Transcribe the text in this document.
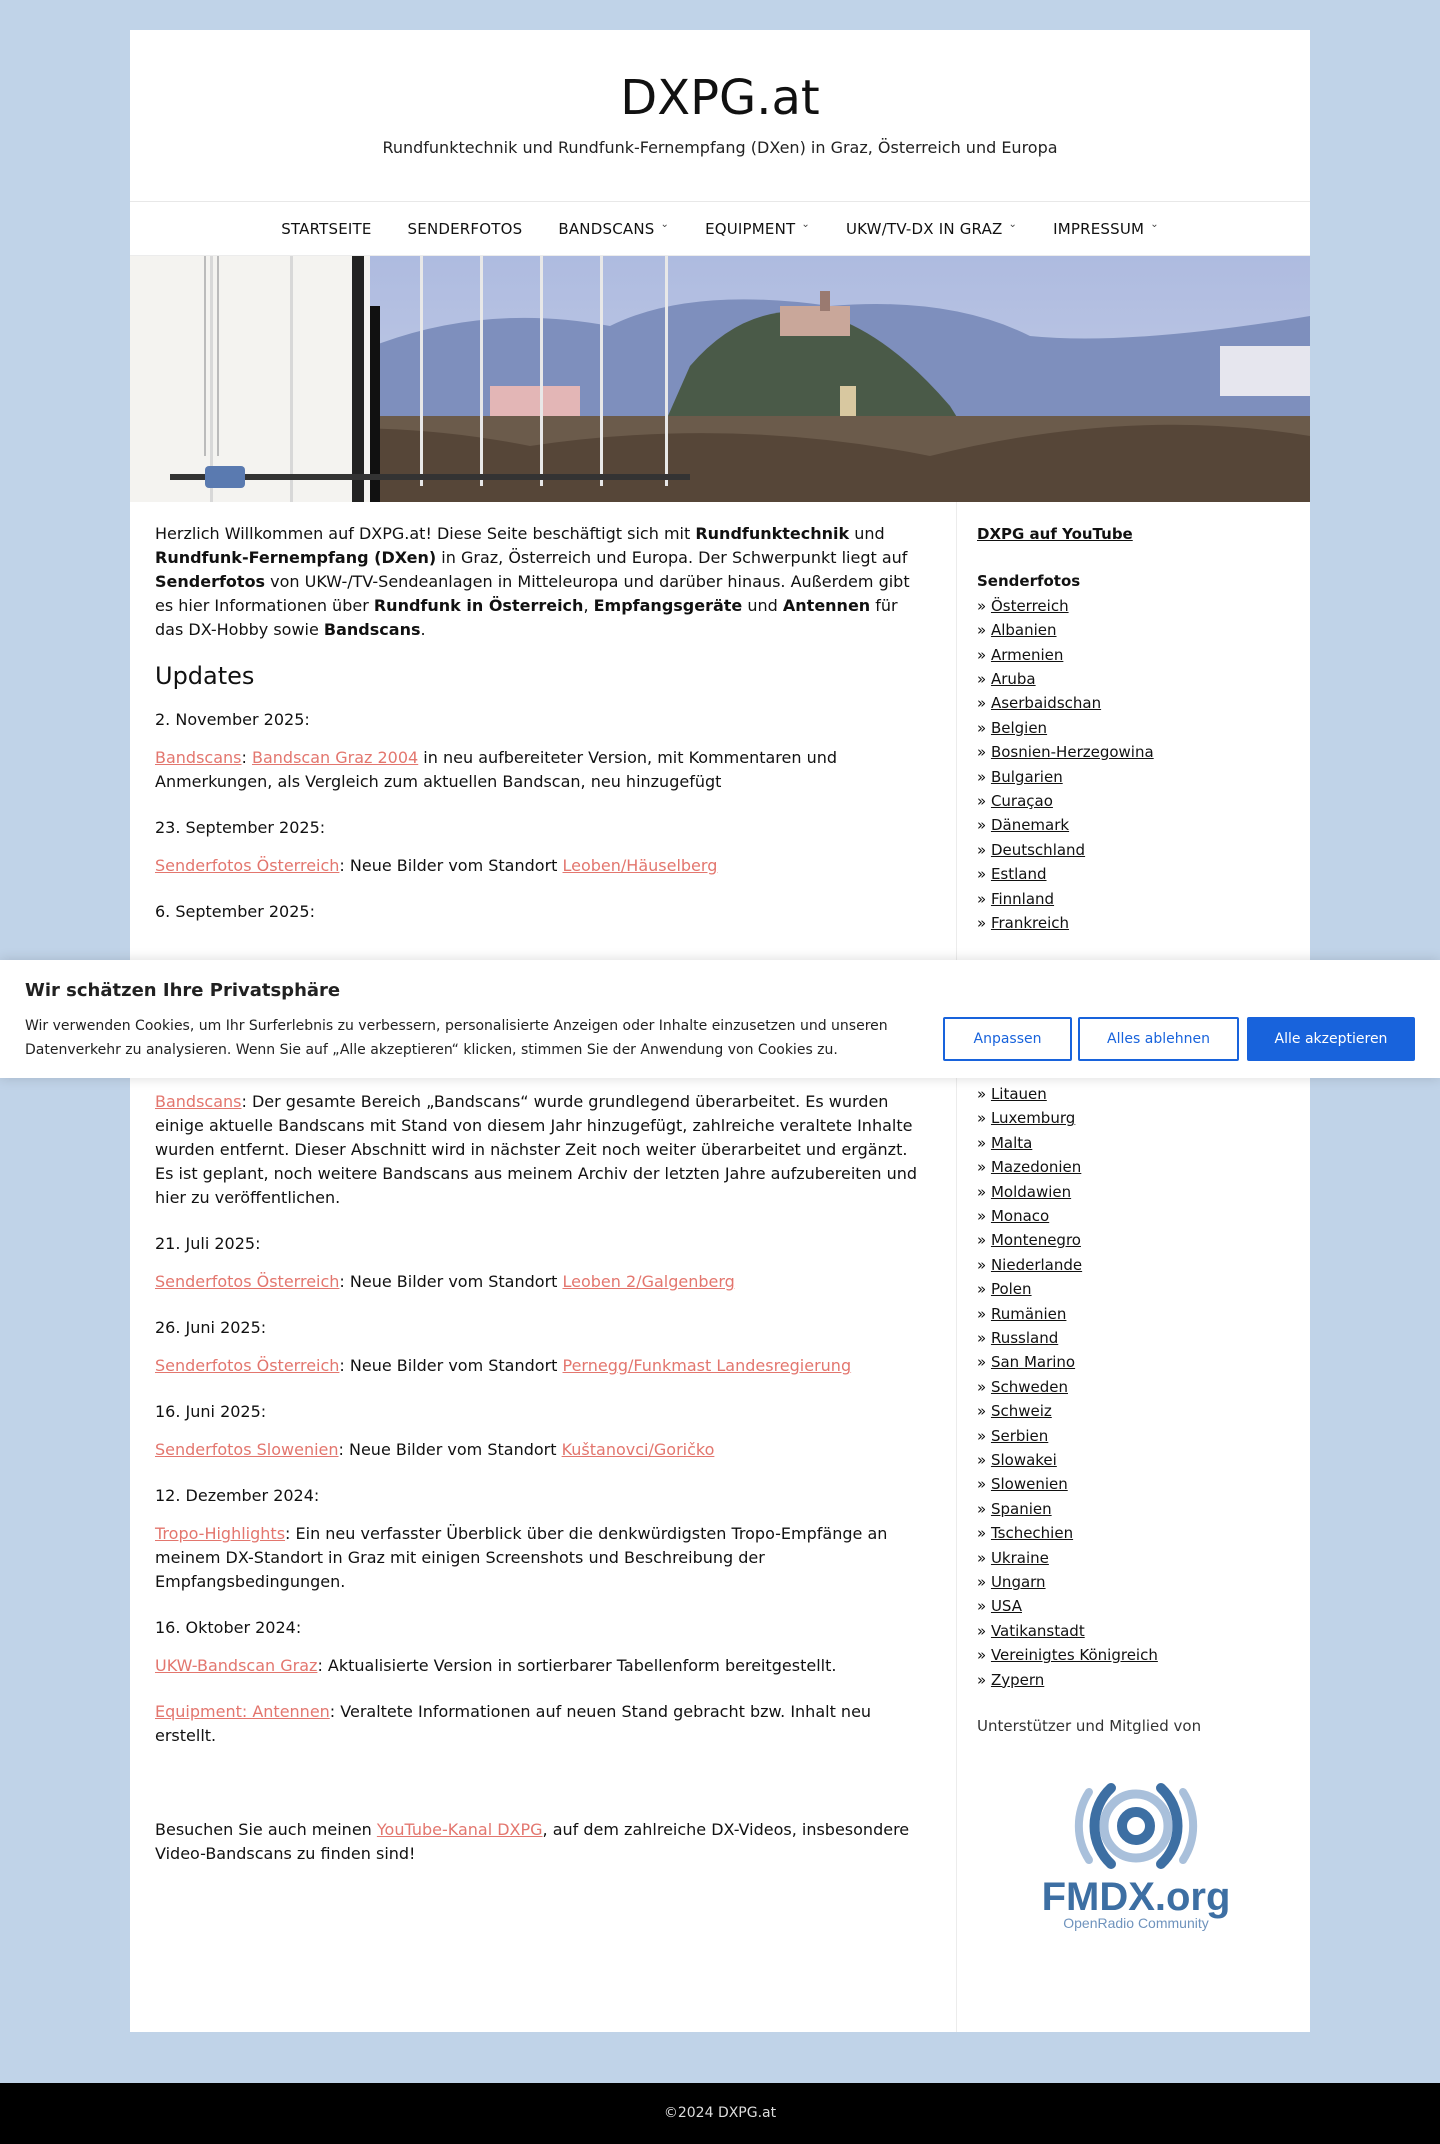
DXPG.at
Rundfunktechnik und Rundfunk-Fernempfang (DXen) in Graz, Österreich und Europa
STARTSEITE SENDERFOTOS BANDSCANS ⌄ EQUIPMENT ⌄ UKW/TV-DX IN GRAZ ⌄ IMPRESSUM ⌄

Herzlich Willkommen auf DXPG.at! Diese Seite beschäftigt sich mit Rundfunktechnik und Rundfunk-Fernempfang (DXen) in Graz, Österreich und Europa. Der Schwerpunkt liegt auf Senderfotos von UKW-/TV-Sendeanlagen in Mitteleuropa und darüber hinaus. Außerdem gibt es hier Informationen über Rundfunk in Österreich, Empfangsgeräte und Antennen für das DX-Hobby sowie Bandscans.

Updates

2. November 2025:

Bandscans: Bandscan Graz 2004 in neu aufbereiteter Version, mit Kommentaren und Anmerkungen, als Vergleich zum aktuellen Bandscan, neu hinzugefügt

23. September 2025:

Senderfotos Österreich: Neue Bilder vom Standort Leoben/Häuselberg

6. September 2025:

Bandscans: Der gesamte Bereich „Bandscans“ wurde grundlegend überarbeitet. Es wurden einige aktuelle Bandscans mit Stand von diesem Jahr hinzugefügt, zahlreiche veraltete Inhalte wurden entfernt. Dieser Abschnitt wird in nächster Zeit noch weiter überarbeitet und ergänzt. Es ist geplant, noch weitere Bandscans aus meinem Archiv der letzten Jahre aufzubereiten und hier zu veröffentlichen.

21. Juli 2025:

Senderfotos Österreich: Neue Bilder vom Standort Leoben 2/Galgenberg

26. Juni 2025:

Senderfotos Österreich: Neue Bilder vom Standort Pernegg/Funkmast Landesregierung

16. Juni 2025:

Senderfotos Slowenien: Neue Bilder vom Standort Kuštanovci/Goričko

12. Dezember 2024:

Tropo-Highlights: Ein neu verfasster Überblick über die denkwürdigsten Tropo-Empfänge an meinem DX-Standort in Graz mit einigen Screenshots und Beschreibung der Empfangsbedingungen.

16. Oktober 2024:

UKW-Bandscan Graz: Aktualisierte Version in sortierbarer Tabellenform bereitgestellt.

Equipment: Antennen: Veraltete Informationen auf neuen Stand gebracht bzw. Inhalt neu erstellt.

Besuchen Sie auch meinen YouTube-Kanal DXPG, auf dem zahlreiche DX-Videos, insbesondere Video-Bandscans zu finden sind!

DXPG auf YouTube
Senderfotos
» Österreich
» Albanien
» Armenien
» Aruba
» Aserbaidschan
» Belgien
» Bosnien-Herzegowina
» Bulgarien
» Curaçao
» Dänemark
» Deutschland
» Estland
» Finnland
» Frankreich
» Litauen
» Luxemburg
» Malta
» Mazedonien
» Moldawien
» Monaco
» Montenegro
» Niederlande
» Polen
» Rumänien
» Russland
» San Marino
» Schweden
» Schweiz
» Serbien
» Slowakei
» Slowenien
» Spanien
» Tschechien
» Ukraine
» Ungarn
» USA
» Vatikanstadt
» Vereinigtes Königreich
» Zypern
Unterstützer und Mitglied von
FMDX.org
OpenRadio Community
Wir schätzen Ihre Privatsphäre

Wir verwenden Cookies, um Ihr Surferlebnis zu verbessern, personalisierte Anzeigen oder Inhalte einzusetzen und unseren Datenverkehr zu analysieren. Wenn Sie auf „Alle akzeptieren“ klicken, stimmen Sie der Anwendung von Cookies zu.

Anpassen	Alles ablehnen	Alle akzeptieren
©2024 DXPG.at
